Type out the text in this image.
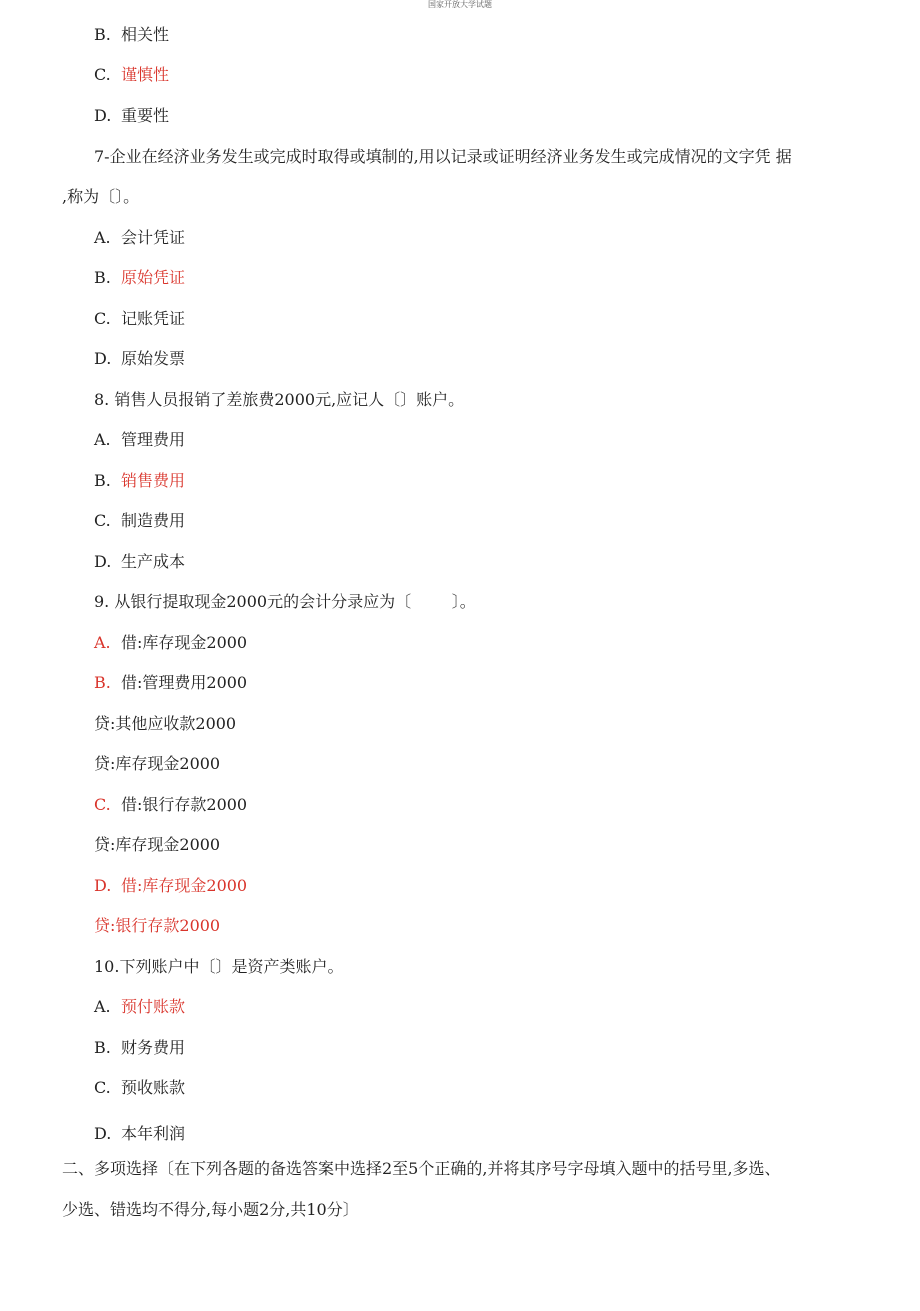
国家开放大学试题
B. 相关性
C. 谨慎性
D. 重要性
7-企业在经济业务发生或完成时取得或填制的,用以记录或证明经济业务发生或完成情况的文字凭 据
,称为〔〕。
A. 会计凭证
B. 原始凭证
C. 记账凭证
D. 原始发票
8. 销售人员报销了差旅费2000元,应记人〔〕账户。
A. 管理费用
B. 销售费用
C. 制造费用
D. 生产成本
9. 从银行提取现金2000元的会计分录应为〔        〕。
A. 借:库存现金2000
B. 借:管理费用2000
贷:其他应收款2000
贷:库存现金2000
C. 借:银行存款2000
贷:库存现金2000
D. 借:库存现金2000
贷:银行存款2000
10.下列账户中〔〕是资产类账户。
A. 预付账款
B. 财务费用
C. 预收账款
D. 本年利润
二、多项选择〔在下列各题的备选答案中选择2至5个正确的,并将其序号字母填入题中的括号里,多选、
少选、错选均不得分,每小题2分,共10分〕
